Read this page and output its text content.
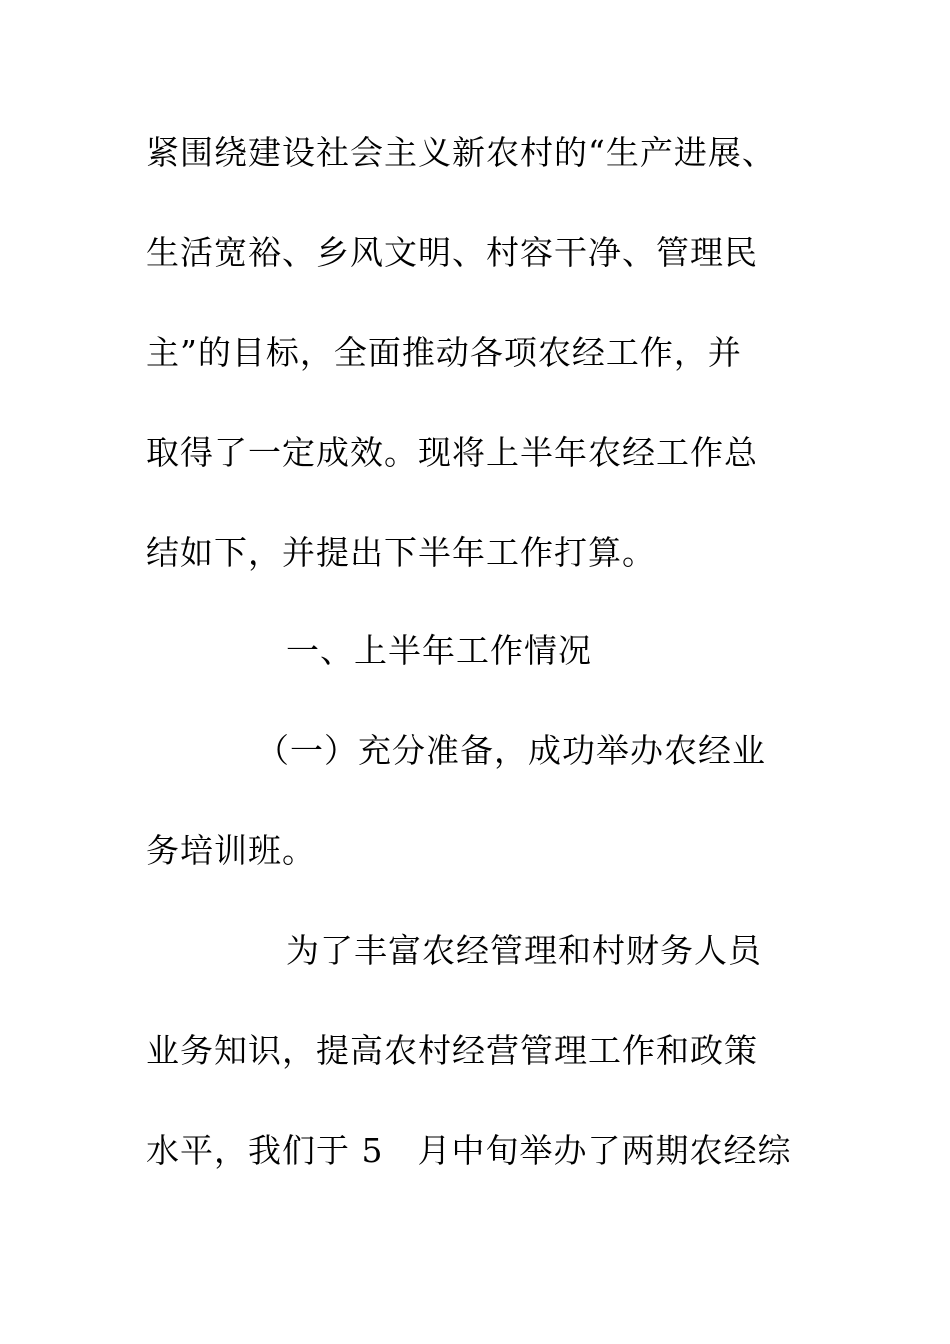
紧围绕建设社会主义新农村的“生产进展、
生活宽裕、乡风文明、村容干净、管理民
主”的目标，全面推动各项农经工作，并
取得了一定成效。现将上半年农经工作总
结如下，并提出下半年工作打算。
一、上半年工作情况
（一）充分准备，成功举办农经业
务培训班。
为了丰富农经管理和村财务人员
业务知识，提高农村经营管理工作和政策
水平，我们于 5　月中旬举办了两期农经综
